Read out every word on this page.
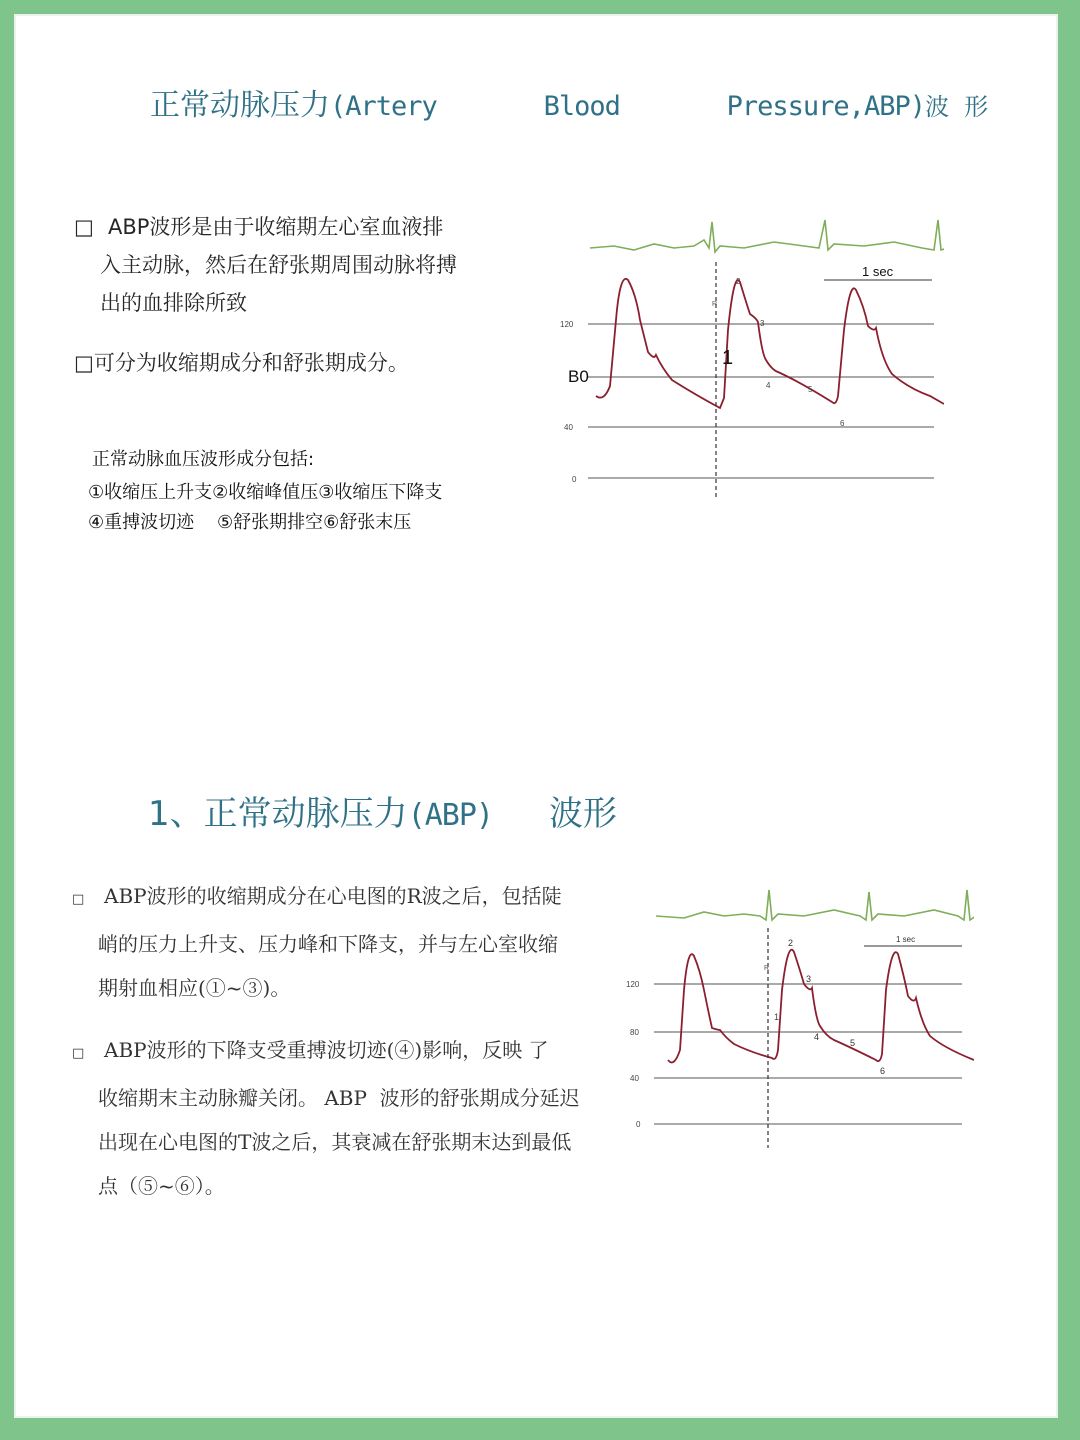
正常动脉压力(Artery       Blood       Pressure,ABP)波  形
□ ABP波形是由于收缩期左心室血液排
入主动脉，然后在舒张期周围动脉将搏
出的血排除所致
□可分为收缩期成分和舒张期成分。
正常动脉血压波形成分包括:
①收缩压上升支②收缩峰值压③收缩压下降支
④重搏波切迹    ⑤舒张期排空⑥舒张末压
120
40
0
B0
R
1
2
3
4	5
6
1 sec
1、正常动脉压力(ABP) 波形
□ ABP波形的收缩期成分在心电图的R波之后，包括陡
峭的压力上升支、压力峰和下降支，并与左心室收缩
期射血相应(①~③)。
□ ABP波形的下降支受重搏波切迹(④)影响，反映 了
收缩期末主动脉瓣关闭。 ABP  波形的舒张期成分延迟
出现在心电图的T波之后，其衰减在舒张期末达到最低
点（⑤~⑥）。
120
80
40
0
R
1
2
3
4
5
6
1 sec
